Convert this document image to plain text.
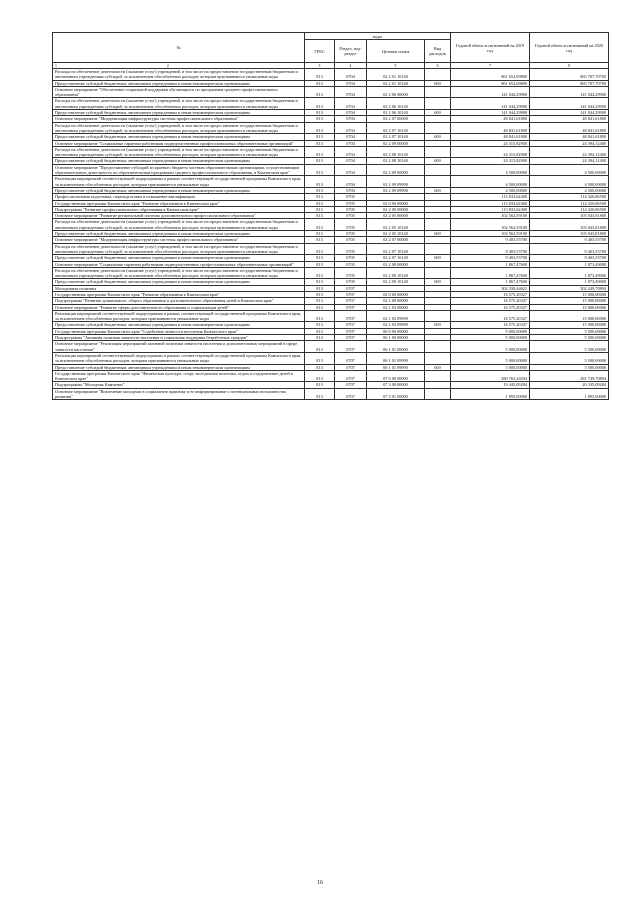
№	коды				Годовой объем ассигнований на 2019 год	Годовой объем ассигнований на 2020 год
	ГРБС	Раздел, под- раздел	Целевая статья	Вид расходов		
1 2	3	4	5	6	7	8
Расходы на обеспечение деятельности (оказание услуг) учреждений, в том числе на предоставление государственным бюджетным и автономным учреждениям субсидий, за исключением обособленных расходов, которым присваиваются уникальные коды	813	0704	02 2 01 10140		861 652,69800	865 707,70700
Предоставление субсидий бюджетным, автономным учреждениям и иным некоммерческим организациям	813	0704	02 2 01 10140	600	861 652,69800	865 707,70700
Основное мероприятие "Обеспечение социальной поддержки обучающихся по программам среднего профессионального образования"	813	0704	02 2 06 00000		141 044,29900	141 044,29900
Расходы на обеспечение деятельности (оказание услуг) учреждений, в том числе на предоставление государственным бюджетным и автономным учреждениям субсидий, за исключением обособленных расходов, которым присваиваются уникальные коды	813	0704	02 2 06 10140		141 044,29900	141 044,29900
Предоставление субсидий бюджетным, автономным учреждениям и иным некоммерческим организациям	813	0704	02 2 06 10140	600	141 044,29900	141 044,29900
Основное мероприятие "Модернизация инфраструктуры системы профессионального образования"	813	0704	02 2 07 00000		48 841,61800	48 841,61800
Расходы на обеспечение деятельности (оказание услуг) учреждений, в том числе на предоставление государственным бюджетным и автономным учреждениям субсидий, за исключением обособленных расходов, которым присваиваются уникальные коды	813	0704	02 2 07 10140		48 841,61800	48 841,61800
Предоставление субсидий бюджетным, автономным учреждениям и иным некоммерческим организациям	813	0704	02 2 07 10140	600	48 841,61800	48 841,61800
Основное мероприятие "Социальные гарантии работникам подведомственных профессиональных образовательных организаций"	813	0704	02 2 08 00000		24 315,82900	24 394,12400
Расходы на обеспечение деятельности (оказание услуг) учреждений, в том числе на предоставление государственным бюджетным и автономным учреждениям субсидий, за исключением обособленных расходов, которым присваиваются уникальные коды	813	0704	02 2 08 10140		24 315,82900	24 394,12400
Предоставление субсидий бюджетным, автономным учреждениям и иным некоммерческим организациям	813	0704	02 2 08 10140	600	24 315,82900	24 394,12400
Основное мероприятие "Предоставление субсидий из краевого бюджета частным образовательным организациям, осуществляющим образовательную деятельность по образовательным программам среднего профессионального образования, в Камчатском крае"	813	0704	02 2 09 00000		4 500,00000	4 500,00000
Реализация мероприятий соответствующей подпрограммы в рамках соответствующей государственной программы Камчатского края, за исключением обособленных расходов, которым присваиваются уникальные коды	813	0704	02 2 09 09990		4 500,00000	4 500,00000
Предоставление субсидий бюджетным, автономным учреждениям и иным некоммерческим организациям	813	0704	02 2 09 09990	600	4 500,00000	4 500,00000
Профессиональная подготовка, переподготовка и повышение квалификации	813	0705			113 833,62400	114 320,86500
Государственная программа Камчатского края "Развитие образования в Камчатском крае"	813	0705	02 0 00 00000		113 833,62400	114 320,86500
Подпрограмма "Развитие профессионального образования в Камчатском крае"	813	0705	02 2 00 00000		113 833,62400	114 320,86500
Основное мероприятие "Развитие региональной системы дополнительного профессионального образования"	813	0705	02 2 05 00000		102 562,59100	103 043,81800
Расходы на обеспечение деятельности (оказание услуг) учреждений, в том числе на предоставление государственным бюджетным и автономным учреждениям субсидий, за исключением обособленных расходов, которым присваиваются уникальные коды	813	0705	02 2 05 10140		102 562,59100	103 043,81800
Предоставление субсидий бюджетным, автономным учреждениям и иным некоммерческим организациям	813	0705	02 2 05 10140	600	102 562,59100	103 043,81800
Основное мероприятие "Модернизация инфраструктуры системы профессионального образования"	813	0705	02 2 07 00000		9 403,55700	9 403,55700
Расходы на обеспечение деятельности (оказание услуг) учреждений, в том числе на предоставление государственным бюджетным и автономным учреждениям субсидий, за исключением обособленных расходов, которым присваиваются уникальные коды	813	0705	02 2 07 10140		9 403,55700	9 403,55700
Предоставление субсидий бюджетным, автономным учреждениям и иным некоммерческим организациям	813	0705	02 2 07 10140	600	9 403,55700	9 403,55700
Основное мероприятие "Социальные гарантии работникам подведомственных профессиональных образовательных организаций"	813	0705	02 2 08 00000		1 867,47600	1 873,49000
Расходы на обеспечение деятельности (оказание услуг) учреждений, в том числе на предоставление государственным бюджетным и автономным учреждениям субсидий, за исключением обособленных расходов, которым присваиваются уникальные коды	813	0705	02 2 08 10140		1 867,47600	1 873,49000
Предоставление субсидий бюджетным, автономным учреждениям и иным некоммерческим организациям	813	0705	02 2 08 10140	600	1 867,47600	1 873,49000
Молодежная политика	813	0707			302 338,44621	302 249,70894
Государственная программа Камчатского края "Развитие образования в Камчатском крае"	813	0707	02 0 00 00000		16 575,20327	15 000,00000
Подпрограмма "Развитие дошкольного, общего образования и дополнительного образования детей в Камчатском крае"	813	0707	02 1 00 00000		16 575,20327	15 000,00000
Основное мероприятие "Развитие сферы дополнительного образования и социализации детей"	813	0707	02 1 03 00000		16 575,20327	15 000,00000
Реализация мероприятий соответствующей подпрограммы в рамках соответствующей государственной программы Камчатского края, за исключением обособленных расходов, которым присваиваются уникальные коды	813	0707	02 1 03 09990		16 575,20327	15 000,00000
Предоставление субсидий бюджетным, автономным учреждениям и иным некоммерческим организациям	813	0707	02 1 03 09990	600	16 575,20327	15 000,00000
Государственная программа Камчатского края "Содействие занятости населения Камчатского края"	813	0707	06 0 00 00000		5 000,00000	5 500,00000
Подпрограмма "Активная политика занятости населения и социальная поддержка безработных граждан"	813	0707	06 1 00 00000		5 000,00000	5 500,00000
Основное мероприятие "Реализация мероприятий активной политики занятости населения и дополнительных мероприятий в сфере занятости населения"	813	0707	06 1 01 00000		5 000,00000	5 500,00000
Реализация мероприятий соответствующей подпрограммы в рамках соответствующей государственной программы Камчатского края, за исключением обособленных расходов, которым присваиваются уникальные коды	813	0707	06 1 01 09990		5 000,00000	5 500,00000
Предоставление субсидий бюджетным, автономным учреждениям и иным некоммерческим организациям	813	0707	06 1 01 09990	600	5 000,00000	5 500,00000
Государственная программа Камчатского края "Физическая культура, спорт, молодежная политика, отдых и оздоровление детей в Камчатском крае"	813	0707	07 0 00 00000		280 763,24294	281 749,70894
Подпрограмма "Молодежь Камчатки"	813	0707	07 3 00 00000		19 445,09284	20 335,09284
Основное мероприятие "Вовлечение молодежи в социальную практику и ее информирование о потенциальных возможностях развития"	813	0707	07 3 01 00000		1 895,00000	1 895,00000
16
